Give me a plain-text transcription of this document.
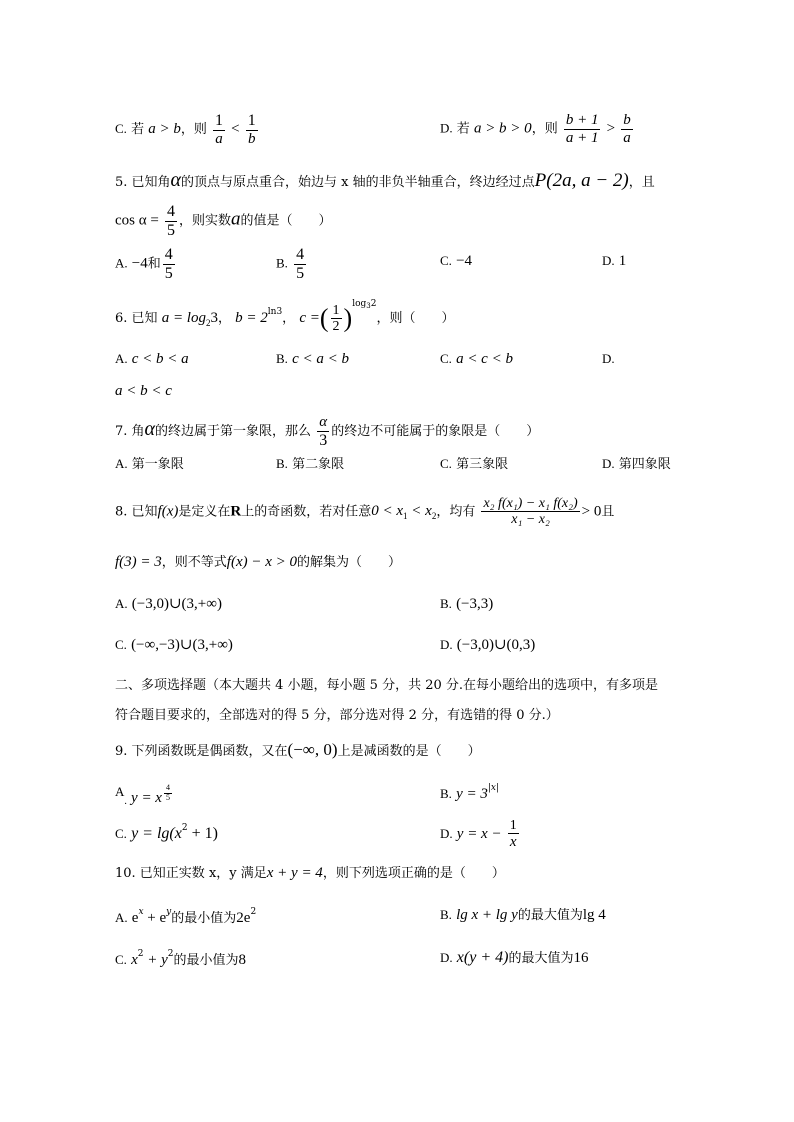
C. 若 a > b，则 $\frac{1}{a} < \frac{1}{b}$	D. 若 a > b > 0，则 $\frac{b + 1}{a + 1} > \frac{b}{a}$
5. 已知角α的顶点与原点重合，始边与 x 轴的非负半轴重合，终边经过点P(2a, a − 2)，且
$\cos \alpha = \frac{4}{5}$ ，则实数a的值是（　　）
A. −4和 $\frac{4}{5}$	B. $\frac{4}{5}$	C. −4	D. 1
6. 已知 $a = \log_23$， $b = 2^{ln3}$， c =( $\frac{1}{2} )^{log_32}$，则（　　）
A. c < b < a	B. c < a < b	C. a < c < b	D.
a < b < c
7. 角α的终边属于第一象限，那么 $\frac{\alpha}{3}$ 的终边不可能属于的象限是（　　）
A. 第一象限	B. 第二象限	C. 第三象限	D. 第四象限
8. 已知f(x)是定义在R上的奇函数，若对任意$0 < x_1 < x_2$，均有 $\frac{\text{x₂ f(x₁) − x₁ f(x₂)}}{\text{x₁ − x₂}} > 0$且
f(3) = 3，则不等式f(x) − x > 0的解集为（　　）
A. (−3,0)∪(3,+∞)	B. (−3,3)
C. (−∞,−3)∪(3,+∞)	D. (−3,0)∪(0,3)
二、多项选择题（本大题共 4 小题，每小题 5 分，共 20 分.在每小题给出的选项中，有多项是
符合题目要求的，全部选对的得 5 分，部分选对得 2 分，有选错的得 0 分.）
9. 下列函数既是偶函数，又在(−∞, 0)上是减函数的是（　　）
$A_.$ y = x $\frac{4}{5}$	B. $y = 3^{|x|}$
C. $y = \lg(x^2 + 1)$	D. $y = x - \frac{1}{x}$
10. 已知正实数 x，y 满足x + y = 4，则下列选项正确的是（　　）
A. $e^x + e^y$的最小值为$2e^2$	B. lg x + lg y的最大值为lg 4
C. $x^2 + y^2$的最小值为8	D. x(y + 4)的最大值为16
